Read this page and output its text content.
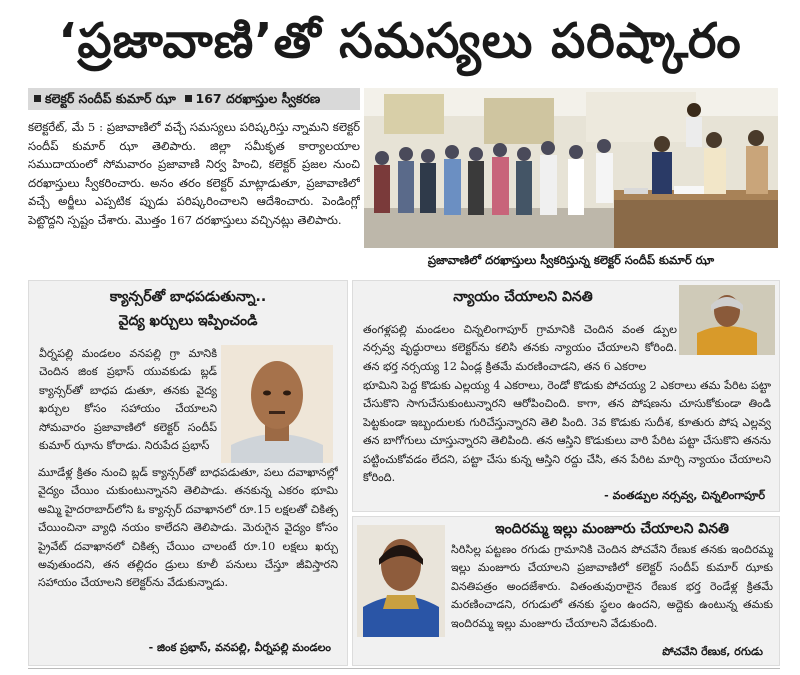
‘ప్రజావాణి’తో సమస్యలు పరిష్కారం
కలెక్టర్ సందీప్ కుమార్ ఝా 167 దరఖాస్తుల స్వీకరణ
కలెక్టరేట్, మే 5 : ప్రజావాణిలో వచ్చే సమస్యలు పరిష్కరిస్తు న్నామని కలెక్టర్ సందీప్ కుమార్ ఝా తెలిపారు. జిల్లా సమీకృత కార్యాలయాల సముదాయంలో సోమవారం ప్రజావాణి నిర్వ హించి, కలెక్టర్ ప్రజల నుంచి దరఖాస్తులు స్వీకరించారు. అనం తరం కలెక్టర్ మాట్లాడుతూ, ప్రజావాణిలో వచ్చే అర్జీలు ఎప్పటిక ప్పుడు పరిష్కరించాలని ఆదేశించారు. పెండింగ్లో పెట్టొద్దని స్పష్టం చేశారు. మొత్తం 167 దరఖాస్తులు వచ్చినట్లు తెలిపారు.
ప్రజావాణిలో దరఖాస్తులు స్వీకరిస్తున్న కలెక్టర్ సందీప్ కుమార్ ఝా
క్యాన్సర్‌తో బాధపడుతున్నా..
వైద్య ఖర్చులు ఇప్పించండి
వీర్నపల్లి మండలం వనపల్లి గ్రా మానికి చెందిన జింక ప్రభాస్ యువకుడు బ్లడ్ క్యాన్సర్‌తో బాధప డుతూ, తనకు వైద్య ఖర్చుల కోసం సహాయం చేయాలని సోమవారం ప్రజావాణిలో కలెక్టర్ సందీప్ కుమార్ ఝాను కోరాడు. నిరుపేద ప్రభాస్
- జింక ప్రభాస్, వనపల్లి, వీర్నపల్లి మండలం
మూడేళ్ల క్రితం నుంచి బ్లడ్ క్యాన్సర్‌తో బాధపడుతూ, పలు దవాఖానల్లో వైద్యం చేయిం చుకుంటున్నానని తెలిపాడు. తనకున్న ఎకరం భూమి అమ్మి హైదరాబాద్‌లోని ఓ క్యాన్సర్ దవాఖానలో రూ.15 లక్షలతో చికిత్స చేయించినా వ్యాధి నయం కాలేదని తెలిపాడు. మెరుగైన వైద్యం కోసం ప్రైవేట్ దవాఖానలో చికిత్స చేయిం చాలంటే రూ.10 లక్షలు ఖర్చు అవుతుందని, తన తల్లిదం డ్రులు కూలీ పనులు చేస్తూ జీవిస్తారని సహాయం చేయాలని కలెక్టర్‌ను వేడుకున్నాడు.
న్యాయం చేయాలని వినతి
తంగళ్లపల్లి మండలం చిన్నలింగాపూర్ గ్రామానికి చెందిన వంత డ్పుల నర్సవ్వ వృద్ధురాలు కలెక్టర్‌ను కలిసి తనకు న్యాయం చేయాలని కోరింది. తన భర్త నర్సయ్య 12 ఏండ్ల క్రితమే మరణించాడని, తన 6 ఎకరాల
భూమిని పెద్ద కొడుకు ఎల్లయ్య 4 ఎకరాలు, రెండో కొడుకు పోచయ్య 2 ఎకరాలు తమ పేరిట పట్టా చేసుకొని సాగుచేసుకుంటున్నారని ఆరోపించింది. కాగా, తన పోషణను చూసుకోకుండా తిండి పెట్టకుండా ఇబ్బందులకు గురిచేస్తున్నారని తెలి పింది. 3వ కొడుకు సుదీశ, కూతురు పోష ఎల్లవ్వ తన బాగోగులు చూస్తున్నారని తెలిపింది. తన ఆస్తిని కొడుకులు వారి పేరిట పట్టా చేసుకొని తనను పట్టించుకోవడం లేదని, పట్టా చేసు కున్న ఆస్తిని రద్దు చేసి, తన పేరిట మార్చి న్యాయం చేయాలని కోరింది.
- వంతడ్పుల నర్సవ్వ, చిన్నలింగాపూర్
ఇందిరమ్మ ఇల్లు మంజూరు చేయాలని వినతి
సిరిసిల్ల పట్టణం రగుడు గ్రామానికి చెందిన పోచవేని రేణుక తనకు ఇందిరమ్మ ఇల్లు మంజూరు చేయాలని ప్రజావాణిలో కలెక్టర్ సందీప్ కుమార్ ఝాకు వినతిపత్రం అందజేశారు. వితంతువురాలైన రేణుక భర్త రెండేళ్ల క్రితమే మరణించాడని, రగుడులో తనకు స్థలం ఉందని, అద్దెకు ఉంటున్న తమకు ఇందిరమ్మ ఇల్లు మంజూరు చేయాలని వేడుకుంది.
పోచవేని రేణుక, రగుడు
